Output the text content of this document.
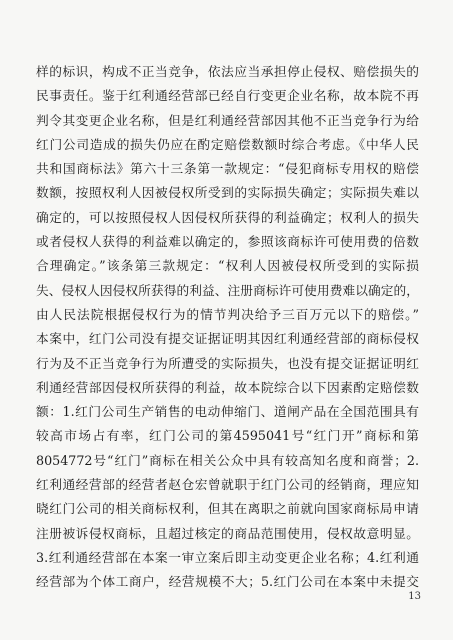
样的标识，构成不正当竞争，依法应当承担停止侵权、赔偿损失的
民事责任。鉴于红利通经营部已经自行变更企业名称，故本院不再
判令其变更企业名称，但是红利通经营部因其他不正当竞争行为给
红门公司造成的损失仍应在酌定赔偿数额时综合考虑。《中华人民
共和国商标法》第六十三条第一款规定：“侵犯商标专用权的赔偿
数额，按照权利人因被侵权所受到的实际损失确定；实际损失难以
确定的，可以按照侵权人因侵权所获得的利益确定；权利人的损失
或者侵权人获得的利益难以确定的，参照该商标许可使用费的倍数
合理确定。”该条第三款规定：“权利人因被侵权所受到的实际损
失、侵权人因侵权所获得的利益、注册商标许可使用费难以确定的，
由人民法院根据侵权行为的情节判决给予三百万元以下的赔偿。”
本案中，红门公司没有提交证据证明其因红利通经营部的商标侵权
行为及不正当竞争行为所遭受的实际损失，也没有提交证据证明红
利通经营部因侵权所获得的利益，故本院综合以下因素酌定赔偿数
额：1.红门公司生产销售的电动伸缩门、道闸产品在全国范围具有
较高市场占有率，红门公司的第4595041号“红门开”商标和第
8054772号“红门”商标在相关公众中具有较高知名度和商誉；2.
红利通经营部的经营者赵仓宏曾就职于红门公司的经销商，理应知
晓红门公司的相关商标权利，但其在离职之前就向国家商标局申请
注册被诉侵权商标，且超过核定的商品范围使用，侵权故意明显。
3.红利通经营部在本案一审立案后即主动变更企业名称；4.红利通
经营部为个体工商户，经营规模不大；5.红门公司在本案中未提交
13
